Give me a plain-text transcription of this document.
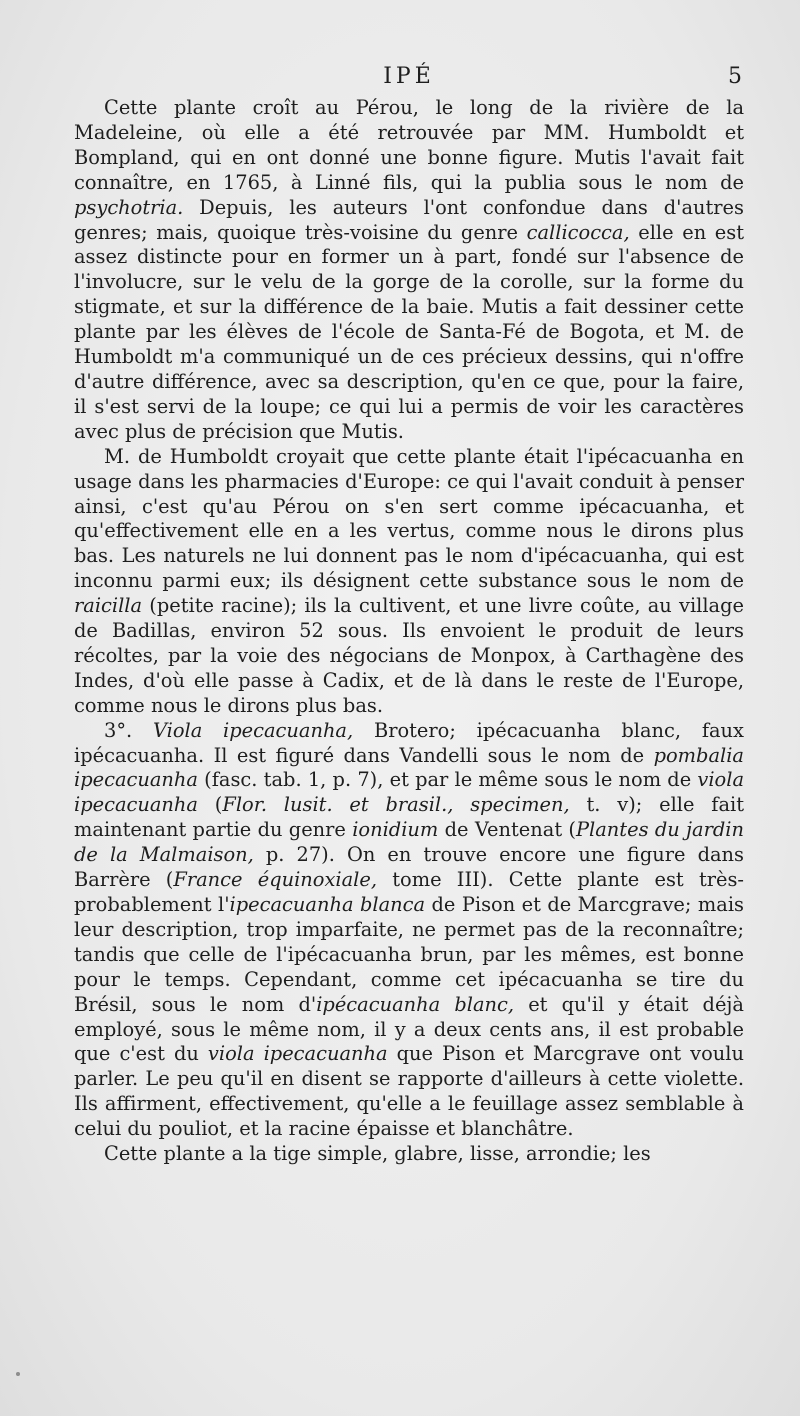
IPÉ	5

Cette plante croît au Pérou, le long de la rivière de la Madeleine, où elle a été retrouvée par MM. Humboldt et Bompland, qui en ont donné une bonne figure. Mutis l'avait fait connaître, en 1765, à Linné fils, qui la publia sous le nom de psychotria. Depuis, les auteurs l'ont confondue dans d'autres genres; mais, quoique très-voisine du genre callicocca, elle en est assez distincte pour en former un à part, fondé sur l'absence de l'involucre, sur le velu de la gorge de la corolle, sur la forme du stigmate, et sur la différence de la baie. Mutis a fait dessiner cette plante par les élèves de l'école de Santa-Fé de Bogota, et M. de Humboldt m'a communiqué un de ces précieux dessins, qui n'offre d'autre différence, avec sa description, qu'en ce que, pour la faire, il s'est servi de la loupe; ce qui lui a permis de voir les caractères avec plus de précision que Mutis.

M. de Humboldt croyait que cette plante était l'ipécacuanha en usage dans les pharmacies d'Europe: ce qui l'avait conduit à penser ainsi, c'est qu'au Pérou on s'en sert comme ipécacuanha, et qu'effectivement elle en a les vertus, comme nous le dirons plus bas. Les naturels ne lui donnent pas le nom d'ipécacuanha, qui est inconnu parmi eux; ils désignent cette substance sous le nom de raicilla (petite racine); ils la cultivent, et une livre coûte, au village de Badillas, environ 52 sous. Ils envoient le produit de leurs récoltes, par la voie des négocians de Monpox, à Carthagène des Indes, d'où elle passe à Cadix, et de là dans le reste de l'Europe, comme nous le dirons plus bas.

3°. Viola ipecacuanha, Brotero; ipécacuanha blanc, faux ipécacuanha. Il est figuré dans Vandelli sous le nom de pombalia ipecacuanha (fasc. tab. 1, p. 7), et par le même sous le nom de viola ipecacuanha (Flor. lusit. et brasil., specimen, t. v); elle fait maintenant partie du genre ionidium de Ventenat (Plantes du jardin de la Malmaison, p. 27). On en trouve encore une figure dans Barrère (France équinoxiale, tome III). Cette plante est très-probablement l'ipecacuanha blanca de Pison et de Marcgrave; mais leur description, trop imparfaite, ne permet pas de la reconnaître; tandis que celle de l'ipécacuanha brun, par les mêmes, est bonne pour le temps. Cependant, comme cet ipécacuanha se tire du Brésil, sous le nom d'ipécacuanha blanc, et qu'il y était déjà employé, sous le même nom, il y a deux cents ans, il est probable que c'est du viola ipecacuanha que Pison et Marcgrave ont voulu parler. Le peu qu'il en disent se rapporte d'ailleurs à cette violette. Ils affirment, effectivement, qu'elle a le feuillage assez semblable à celui du pouliot, et la racine épaisse et blanchâtre.

Cette plante a la tige simple, glabre, lisse, arrondie; les
